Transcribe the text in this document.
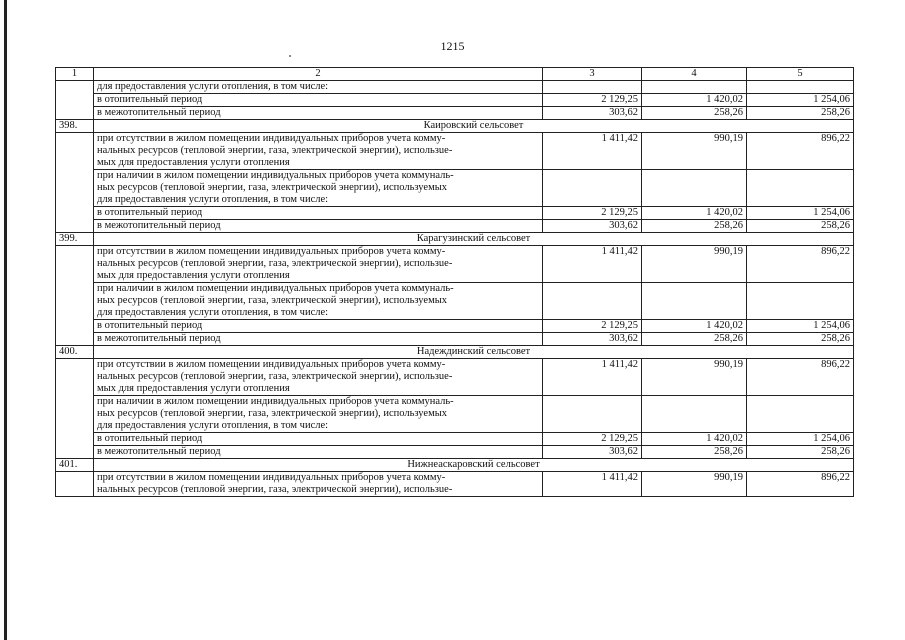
1215
1	2	3	4	5
	для предоставления услуги отопления, в том числе:			
	в отопительный период	2 129,25	1 420,02	1 254,06
	в межотопительный период	303,62	258,26	258,26
398.	Каировский сельсовет			
	при отсутствии в жилом помещении индивидуальных приборов учета комму-
нальных ресурсов (тепловой энергии, газа, электрической энергии), использue-
мых для предоставления услуги отопления	1 411,42	990,19	896,22
	при наличии в жилом помещении индивидуальных приборов учета коммуналь-
ных ресурсов (тепловой энергии, газа, электрической энергии), используемых
для предоставления услуги отопления, в том числе:			
	в отопительный период	2 129,25	1 420,02	1 254,06
	в межотопительный период	303,62	258,26	258,26
399.	Карагузинский сельсовет			
	при отсутствии в жилом помещении индивидуальных приборов учета комму-
нальных ресурсов (тепловой энергии, газа, электрической энергии), использue-
мых для предоставления услуги отопления	1 411,42	990,19	896,22
	при наличии в жилом помещении индивидуальных приборов учета коммуналь-
ных ресурсов (тепловой энергии, газа, электрической энергии), используемых
для предоставления услуги отопления, в том числе:			
	в отопительный период	2 129,25	1 420,02	1 254,06
	в межотопительный период	303,62	258,26	258,26
400.	Надеждинский сельсовет			
	при отсутствии в жилом помещении индивидуальных приборов учета комму-
нальных ресурсов (тепловой энергии, газа, электрической энергии), использue-
мых для предоставления услуги отопления	1 411,42	990,19	896,22
	при наличии в жилом помещении индивидуальных приборов учета коммуналь-
ных ресурсов (тепловой энергии, газа, электрической энергии), используемых
для предоставления услуги отопления, в том числе:			
	в отопительный период	2 129,25	1 420,02	1 254,06
	в межотопительный период	303,62	258,26	258,26
401.	Нижнеаскаровский сельсовет			
	при отсутствии в жилом помещении индивидуальных приборов учета комму-
нальных ресурсов (тепловой энергии, газа, электрической энергии), использue-	1 411,42	990,19	896,22
